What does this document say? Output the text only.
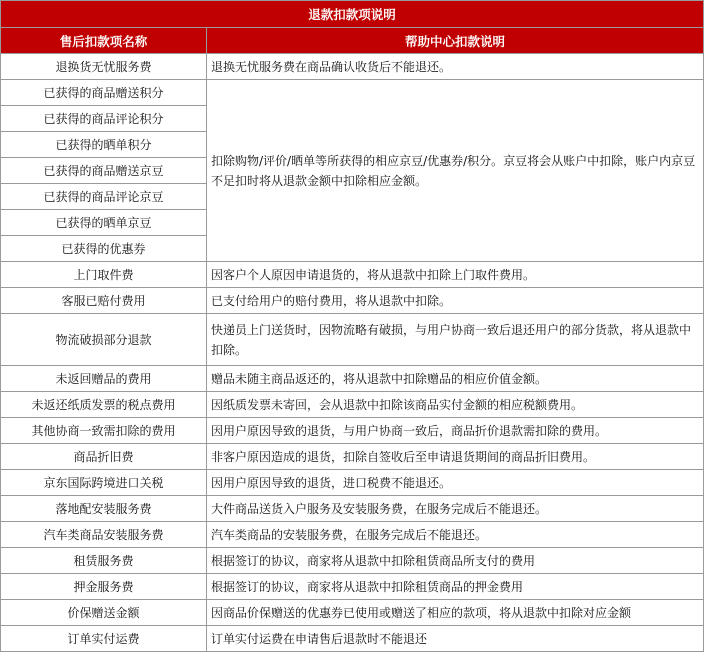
退款扣款项说明	
售后扣款项名称	帮助中心扣款说明
退换货无忧服务费	退换无忧服务费在商品确认收货后不能退还。
已获得的商品赠送积分	扣除购物/评价/晒单等所获得的相应京豆/优惠券/积分。京豆将会从账户中扣除，账户内京豆不足扣时将从退款金额中扣除相应金额。
已获得的商品评论积分	
已获得的晒单积分	
已获得的商品赠送京豆	
已获得的商品评论京豆	
已获得的晒单京豆	
已获得的优惠券	
上门取件费	因客户个人原因申请退货的，将从退款中扣除上门取件费用。
客服已赔付费用	已支付给用户的赔付费用，将从退款中扣除。
物流破损部分退款	快递员上门送货时，因物流略有破损，与用户协商一致后退还用户的部分货款，将从退款中扣除。
未返回赠品的费用	赠品未随主商品返还的，将从退款中扣除赠品的相应价值金额。
未返还纸质发票的税点费用	因纸质发票未寄回，会从退款中扣除该商品实付金额的相应税额费用。
其他协商一致需扣除的费用	因用户原因导致的退货，与用户协商一致后，商品折价退款需扣除的费用。
商品折旧费	非客户原因造成的退货，扣除自签收后至申请退货期间的商品折旧费用。
京东国际跨境进口关税	因用户原因导致的退货，进口税费不能退还。
落地配安装服务费	大件商品送货入户服务及安装服务费，在服务完成后不能退还。
汽车类商品安装服务费	汽车类商品的安装服务费，在服务完成后不能退还。
租赁服务费	根据签订的协议，商家将从退款中扣除租赁商品所支付的费用
押金服务费	根据签订的协议，商家将从退款中扣除租赁商品的押金费用
价保赠送金额	因商品价保赠送的优惠券已使用或赠送了相应的款项，将从退款中扣除对应金额
订单实付运费	订单实付运费在申请售后退款时不能退还
